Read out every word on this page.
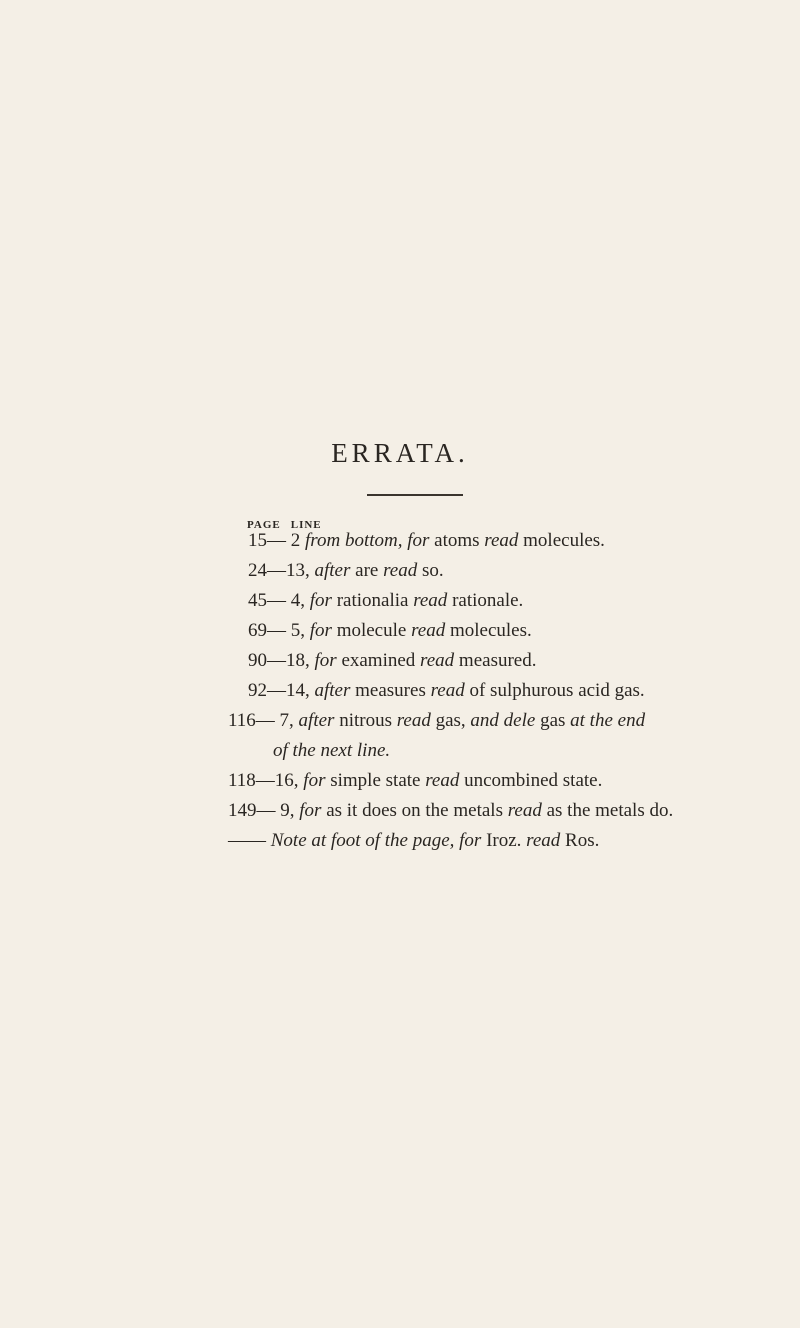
ERRATA.
PAGE LINE
15— 2 from bottom, for atoms read molecules.
24—13, after are read so.
45— 4, for rationalia read rationale.
69— 5, for molecule read molecules.
90—18, for examined read measured.
92—14, after measures read of sulphurous acid gas.
116— 7, after nitrous read gas, and dele gas at the end
of the next line.
118—16, for simple state read uncombined state.
149— 9, for as it does on the metals read as the metals do.
—— Note at foot of the page, for Iroz. read Ros.
